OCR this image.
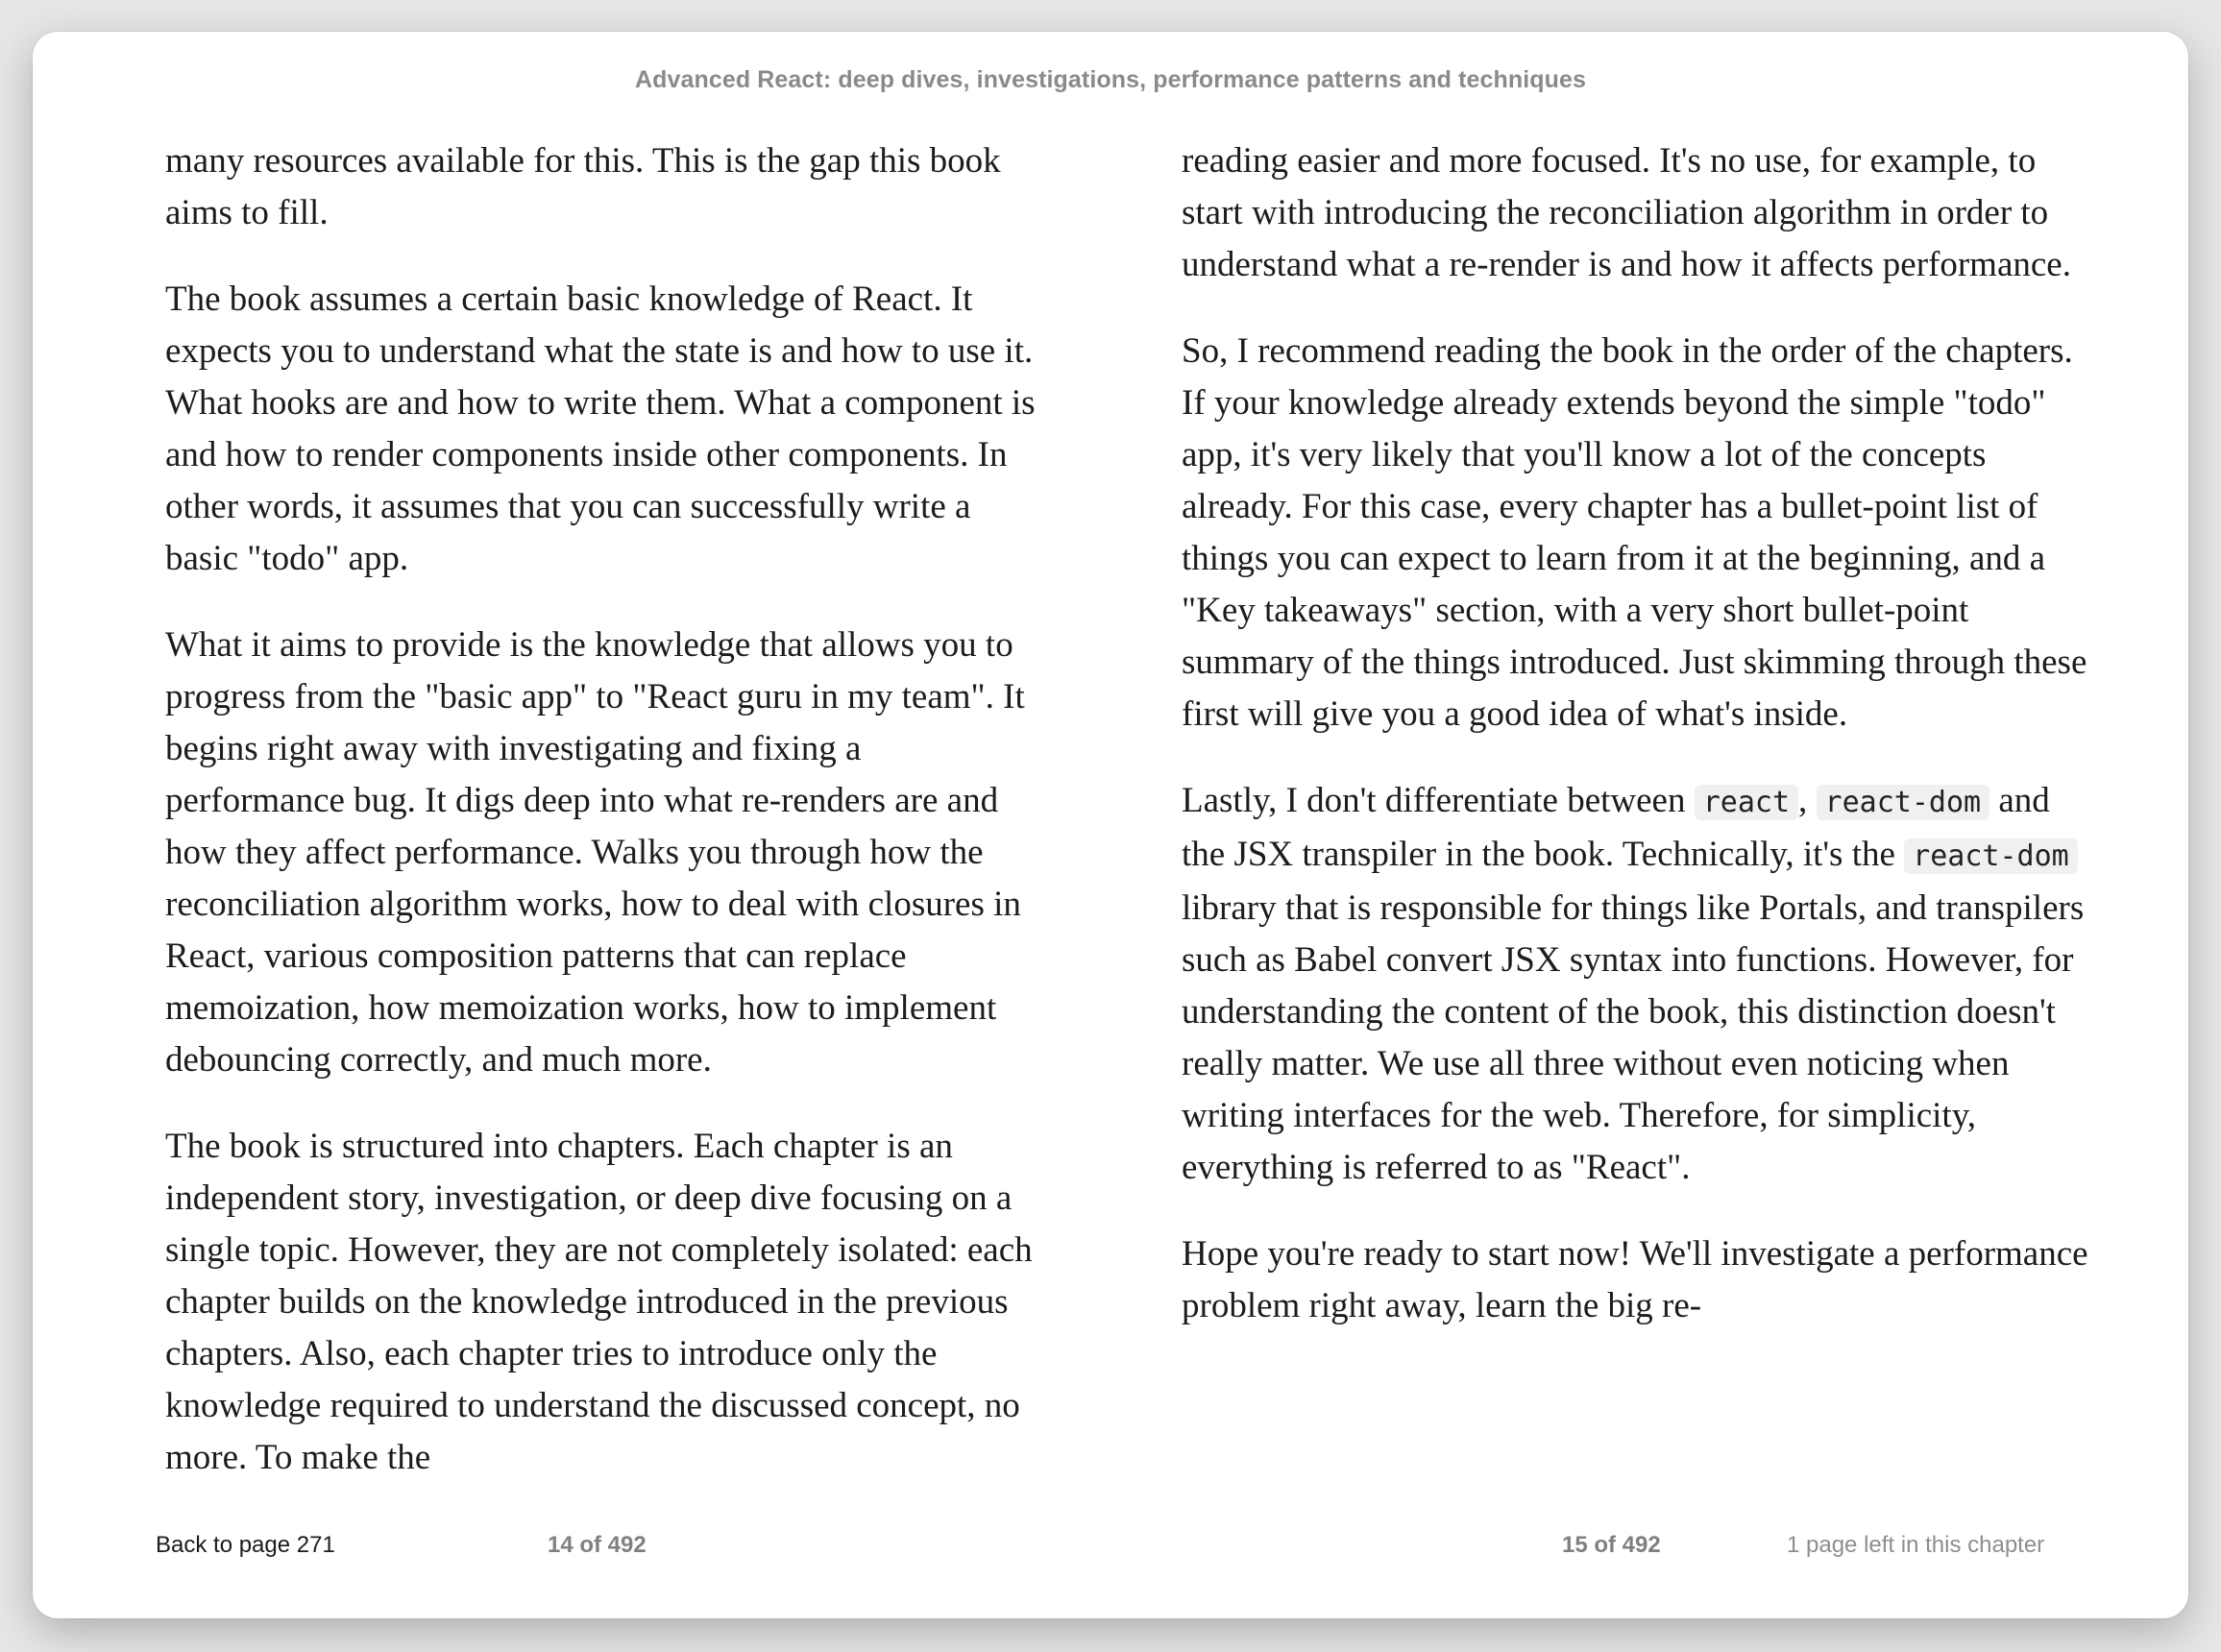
Advanced React: deep dives, investigations, performance patterns and techniques

many resources available for this. This is the gap this book aims to fill.

The book assumes a certain basic knowledge of React. It expects you to understand what the state is and how to use it. What hooks are and how to write them. What a component is and how to render components inside other components. In other words, it assumes that you can successfully write a basic "todo" app.

What it aims to provide is the knowledge that allows you to progress from the "basic app" to "React guru in my team". It begins right away with investigating and fixing a performance bug. It digs deep into what re-renders are and how they affect performance. Walks you through how the reconciliation algorithm works, how to deal with closures in React, various composition patterns that can replace memoization, how memoization works, how to implement debouncing correctly, and much more.

The book is structured into chapters. Each chapter is an independent story, investigation, or deep dive focusing on a single topic. However, they are not completely isolated: each chapter builds on the knowledge introduced in the previous chapters. Also, each chapter tries to introduce only the knowledge required to understand the discussed concept, no more. To make the

reading easier and more focused. It's no use, for example, to start with introducing the reconciliation algorithm in order to understand what a re-render is and how it affects performance.

So, I recommend reading the book in the order of the chapters. If your knowledge already extends beyond the simple "todo" app, it's very likely that you'll know a lot of the concepts already. For this case, every chapter has a bullet-point list of things you can expect to learn from it at the beginning, and a "Key takeaways" section, with a very short bullet-point summary of the things introduced. Just skimming through these first will give you a good idea of what's inside.

Lastly, I don't differentiate between react , react-dom and the JSX transpiler in the book. Technically, it's the react-dom library that is responsible for things like Portals, and transpilers such as Babel convert JSX syntax into functions. However, for understanding the content of the book, this distinction doesn't really matter. We use all three without even noticing when writing interfaces for the web. Therefore, for simplicity, everything is referred to as "React".

Hope you're ready to start now! We'll investigate a performance problem right away, learn the big re-

Back to page 271	14 of 492	15 of 492	1 page left in this chapter
